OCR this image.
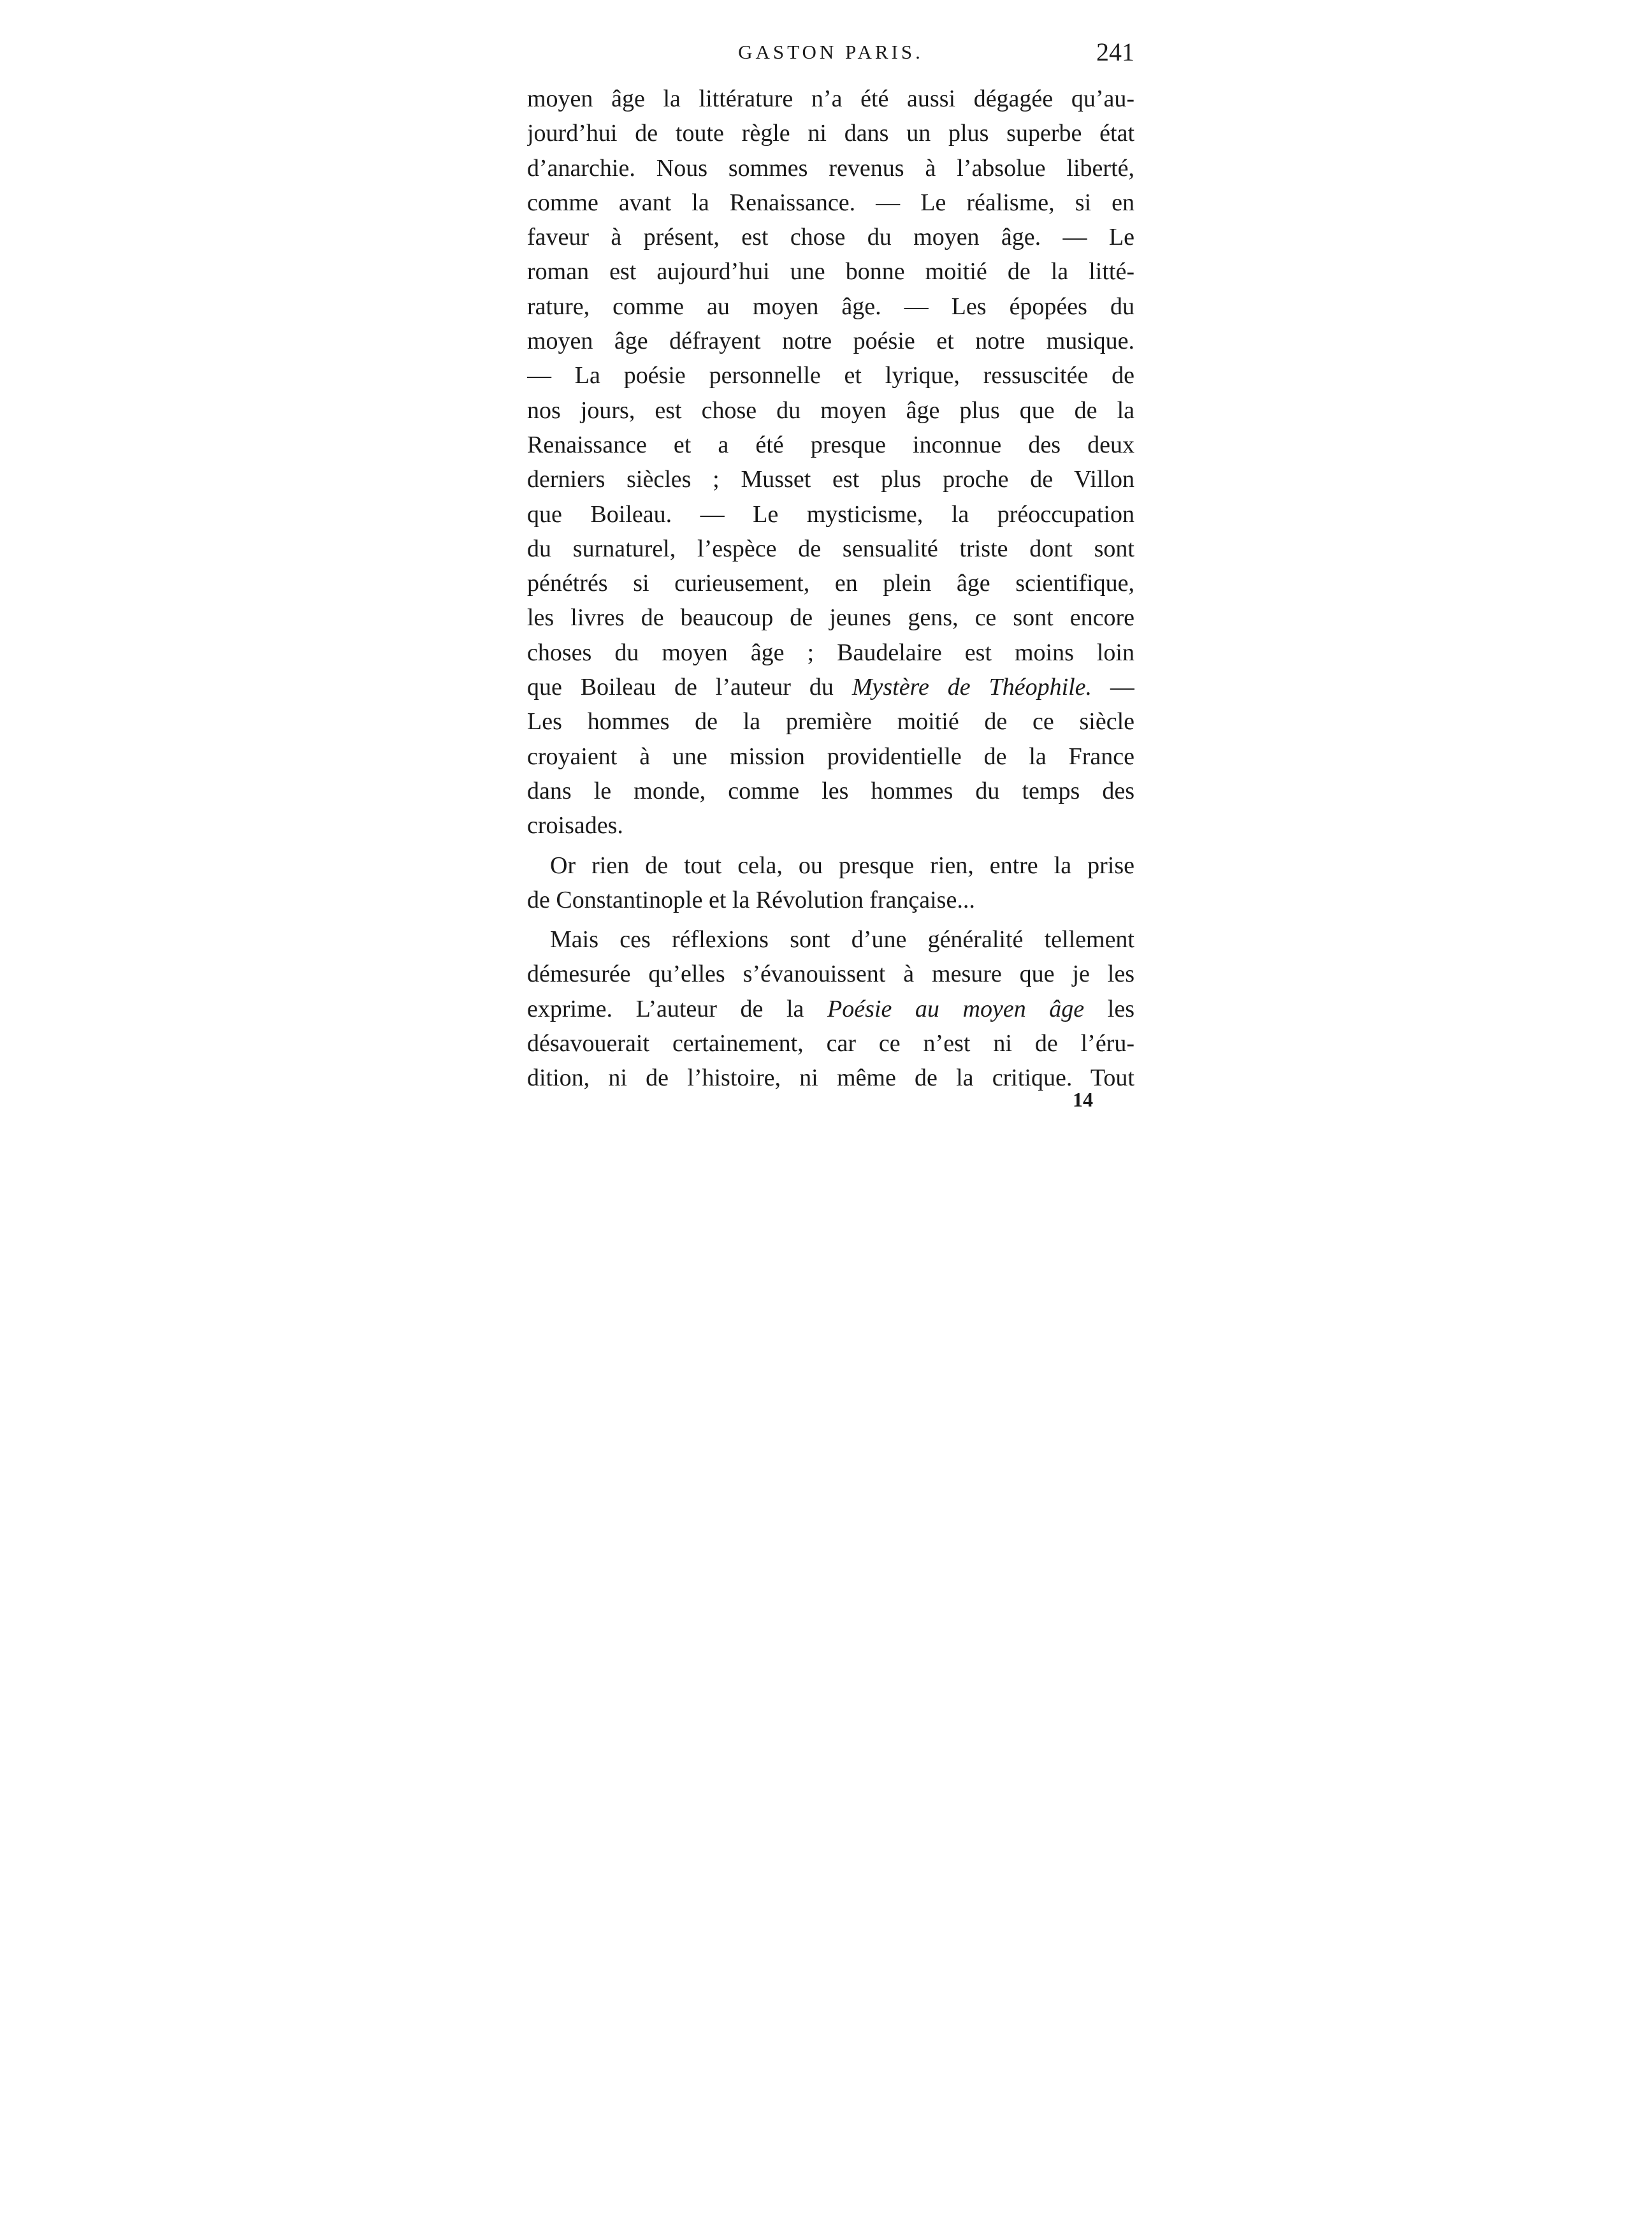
GASTON PARIS.	241
moyen âge la littérature n’a été aussi dégagée qu’au-
jourd’hui de toute règle ni dans un plus superbe état
d’anarchie. Nous sommes revenus à l’absolue liberté,
comme avant la Renaissance. — Le réalisme, si en
faveur à présent, est chose du moyen âge. — Le
roman est aujourd’hui une bonne moitié de la litté-
rature, comme au moyen âge. — Les épopées du
moyen âge défrayent notre poésie et notre musique.
— La poésie personnelle et lyrique, ressuscitée de
nos jours, est chose du moyen âge plus que de la
Renaissance et a été presque inconnue des deux
derniers siècles ; Musset est plus proche de Villon
que Boileau. — Le mysticisme, la préoccupation
du surnaturel, l’espèce de sensualité triste dont sont
pénétrés si curieusement, en plein âge scientifique,
les livres de beaucoup de jeunes gens, ce sont encore
choses du moyen âge ; Baudelaire est moins loin
que Boileau de l’auteur du Mystère de Théophile. —
Les hommes de la première moitié de ce siècle
croyaient à une mission providentielle de la France
dans le monde, comme les hommes du temps des
croisades.
Or rien de tout cela, ou presque rien, entre la prise
de Constantinople et la Révolution française...
Mais ces réflexions sont d’une généralité tellement
démesurée qu’elles s’évanouissent à mesure que je les
exprime. L’auteur de la Poésie au moyen âge les
désavouerait certainement, car ce n’est ni de l’éru-
dition, ni de l’histoire, ni même de la critique. Tout
14
